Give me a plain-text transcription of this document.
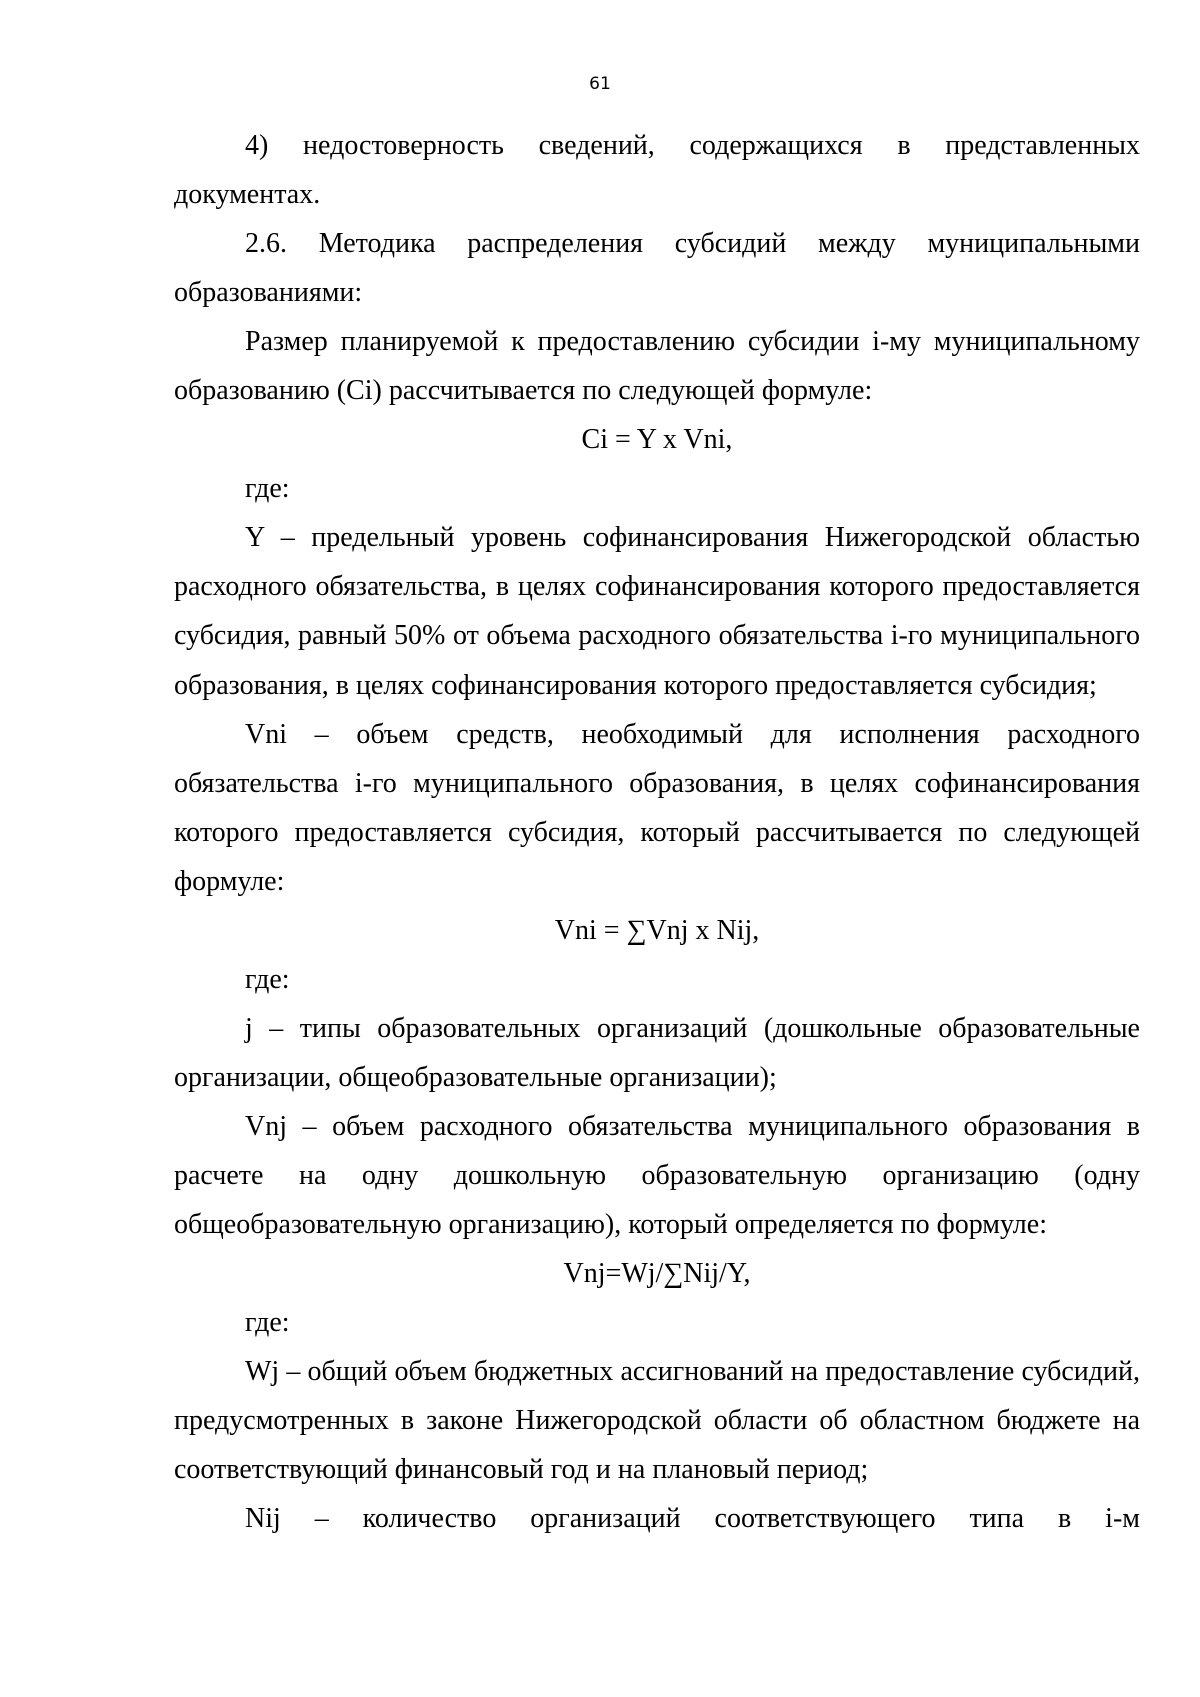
61

4) недостоверность сведений, содержащихся в представленных документах.

2.6. Методика распределения субсидий между муниципальными образованиями:

Размер планируемой к предоставлению субсидии i-му муниципальному образованию (Ci) рассчитывается по следующей формуле:

Ci = Y x Vni,

где:

Y – предельный уровень софинансирования Нижегородской областью расходного обязательства, в целях софинансирования которого предоставляется субсидия, равный 50% от объема расходного обязательства i-го муниципального образования, в целях софинансирования которого предоставляется субсидия;

Vni – объем средств, необходимый для исполнения расходного обязательства i-го муниципального образования, в целях софинансирования которого предоставляется субсидия, который рассчитывается по следующей формуле:

Vni = ∑Vnj x Nij,

где:

j – типы образовательных организаций (дошкольные образовательные организации, общеобразовательные организации);

Vnj – объем расходного обязательства муниципального образования в расчете на одну дошкольную образовательную организацию (одну общеобразовательную организацию), который определяется по формуле:

Vnj=Wj/∑Nij/Y,

где:

Wj – общий объем бюджетных ассигнований на предоставление субсидий, предусмотренных в законе Нижегородской области об областном бюджете на соответствующий финансовый год и на плановый период;

Nij – количество организаций соответствующего типа в i-м
